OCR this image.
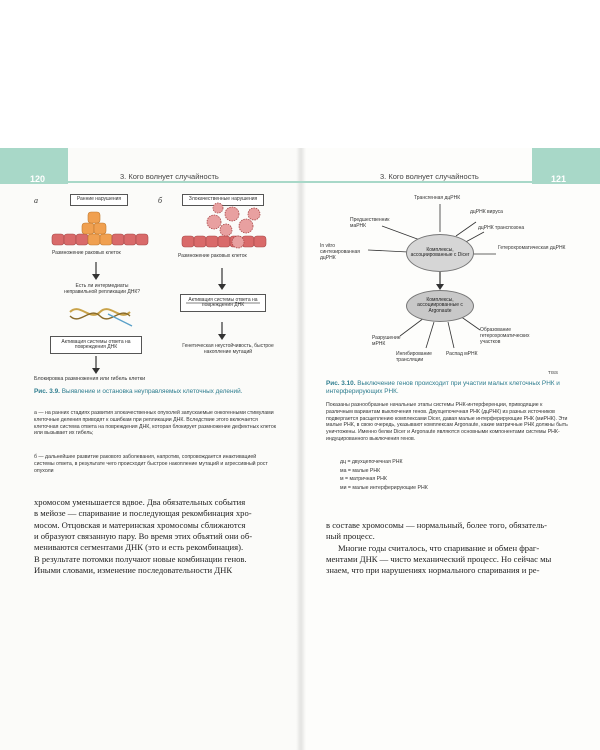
120	3. Кого волнует случайность	121
3. Кого волнует случайность
а	Ранние нарушения	б	Злокачественные нарушения
Размножение раковых клеток
Есть ли интермедиаты неправильной репликации ДНК?
Активация системы ответа на повреждения ДНК
Блокировка размножения или гибель клетки
Размножение раковых клеток
Активация системы ответа на повреждения ДНК
Генетическая неустойчивость, быстрое накопление мутаций
Рис. 3.9. Выявление и остановка неуправляемых клеточных делений.
а — на ранних стадиях развития злокачественных опухолей запускаемые онкогенными стимулами клеточные деления приводят к ошибкам при репликации ДНК. Вследствие этого включается клеточная система ответа на повреждения ДНК, которая блокирует размножение дефектных клеток или вызывает их гибель;
б — дальнейшее развитие ракового заболевания, напротив, сопровождается инактивацией системы ответа, в результате чего происходит быстрое накопление мутаций и агрессивный рост опухоли

хромосом уменьшается вдвое. Два обязательных события

в мейозе — спаривание и последующая рекомбинация хро-

мосом. Отцовская и материнская хромосомы сближаются

и образуют связанную пару. Во время этих объятий они об-

мениваются сегментами ДНК (это и есть рекомбинация).

В результате потомки получают новые комбинации генов.

Иными словами, изменение последовательности ДНК

Трансгенная дцРНК
дцРНК вируса
Предшественник маРНК	дцРНК транспозона
In vitro синтезированная дцРНК
Гетерохроматическая дцРНК
Комплексы, ассоциированные с Dicer
Комплексы, ассоциированные с Argonaute
Разрушение мРНК
Ингибирование трансляции
Распад мРНК
Образование гетерохроматических участков
TISS
Рис. 3.10. Выключение генов происходит при участии малых клеточных РНК и интерферирующих РНК.
Показаны разнообразные начальные этапы системы РНК-интерференции, приводящие к различным вариантам выключения генов. Двухцепочечная РНК (дцРНК) из разных источников подвергается расщеплению комплексами Dicer, давая малые интерферирующие РНК (миРНК). Эти малые РНК, в свою очередь, указывают комплексам Argonaute, какие матричные РНК должны быть уничтожены. Именно белки Dicer и Argonaute являются основными компонентами системы РНК-индуцированного выключения генов.
дц = двухцепочечная РНК
ма = малые РНК
м = матричная РНК
ми = малые интерферирующие РНК

в составе хромосомы — нормальный, более того, обязатель-

ный процесс.

Многие годы считалось, что спаривание и обмен фраг-

ментами ДНК — чисто механический процесс. Но сейчас мы

знаем, что при нарушениях нормального спаривания и ре-
